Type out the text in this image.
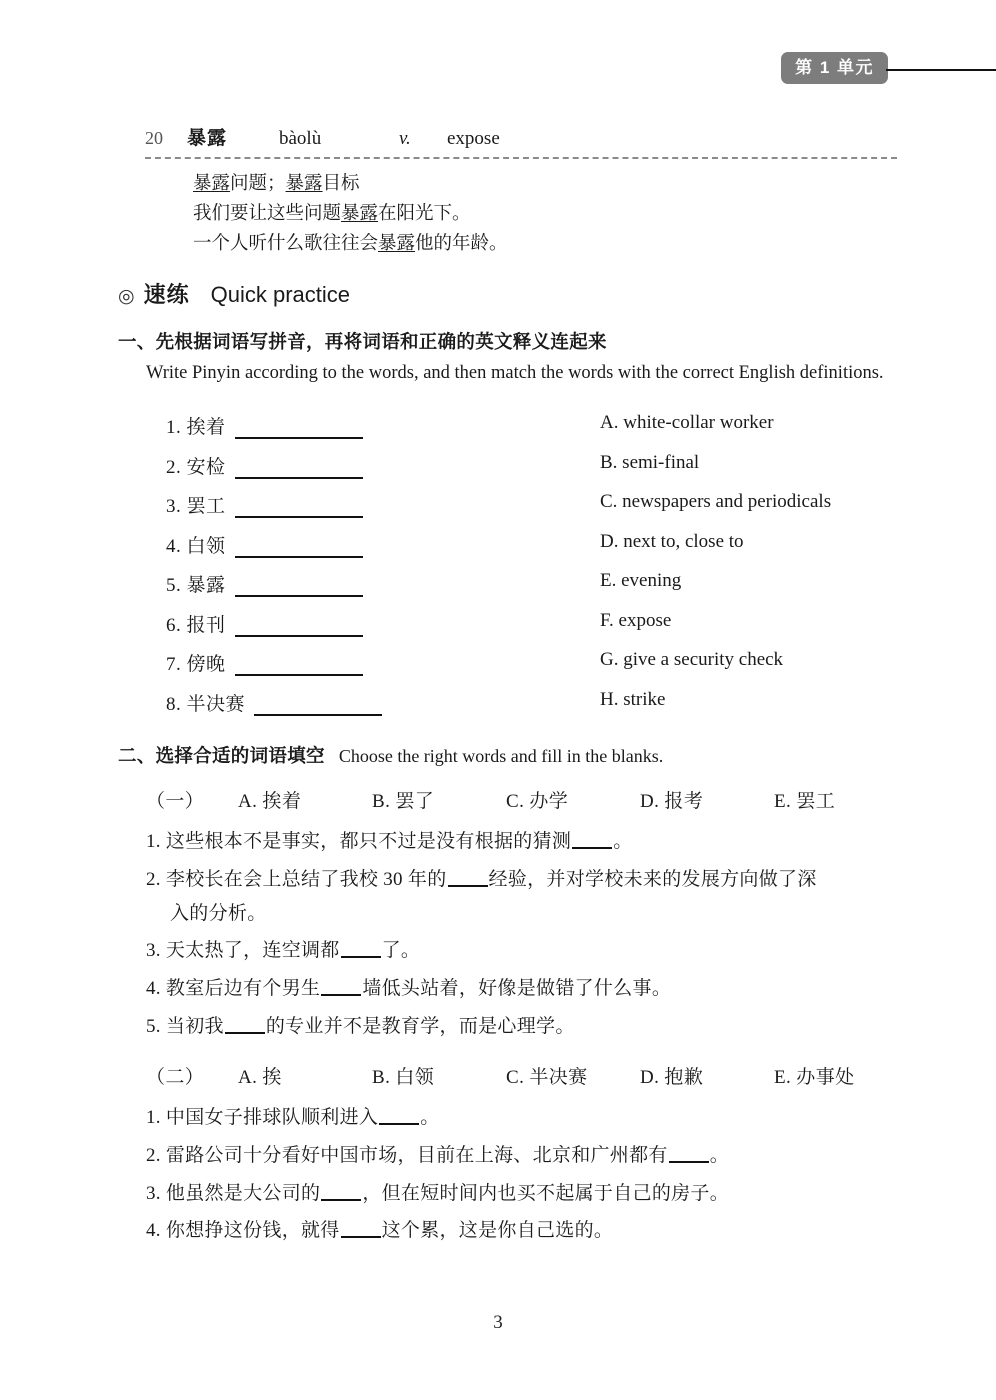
第 1 单元
20	暴露	bàolù	v.	expose
暴露问题；暴露目标
我们要让这些问题暴露在阳光下。
一个人听什么歌往往会暴露他的年龄。
◎ 速练 Quick practice
一、先根据词语写拼音，再将词语和正确的英文释义连起来
Write Pinyin according to the words, and then match the words with the correct English definitions.
1. 挨着	A. white-collar worker
2. 安检	B. semi-final
3. 罢工	C. newspapers and periodicals
4. 白领	D. next to, close to
5. 暴露	E. evening
6. 报刊	F. expose
7. 傍晚	G. give a security check
8. 半决赛	H. strike
二、选择合适的词语填空 Choose the right words and fill in the blanks.
（一）	A. 挨着	B. 罢了	C. 办学	D. 报考	E. 罢工
1. 这些根本不是事实，都只不过是没有根据的猜测 。
2. 李校长在会上总结了我校 30 年的 经验，并对学校未来的发展方向做了深
入的分析。
3. 天太热了，连空调都 了。
4. 教室后边有个男生 墙低头站着，好像是做错了什么事。
5. 当初我 的专业并不是教育学，而是心理学。
（二）	A. 挨	B. 白领	C. 半决赛	D. 抱歉	E. 办事处
1. 中国女子排球队顺利进入 。
2. 雷路公司十分看好中国市场，目前在上海、北京和广州都有 。
3. 他虽然是大公司的 ，但在短时间内也买不起属于自己的房子。
4. 你想挣这份钱，就得 这个累，这是你自己选的。
3
